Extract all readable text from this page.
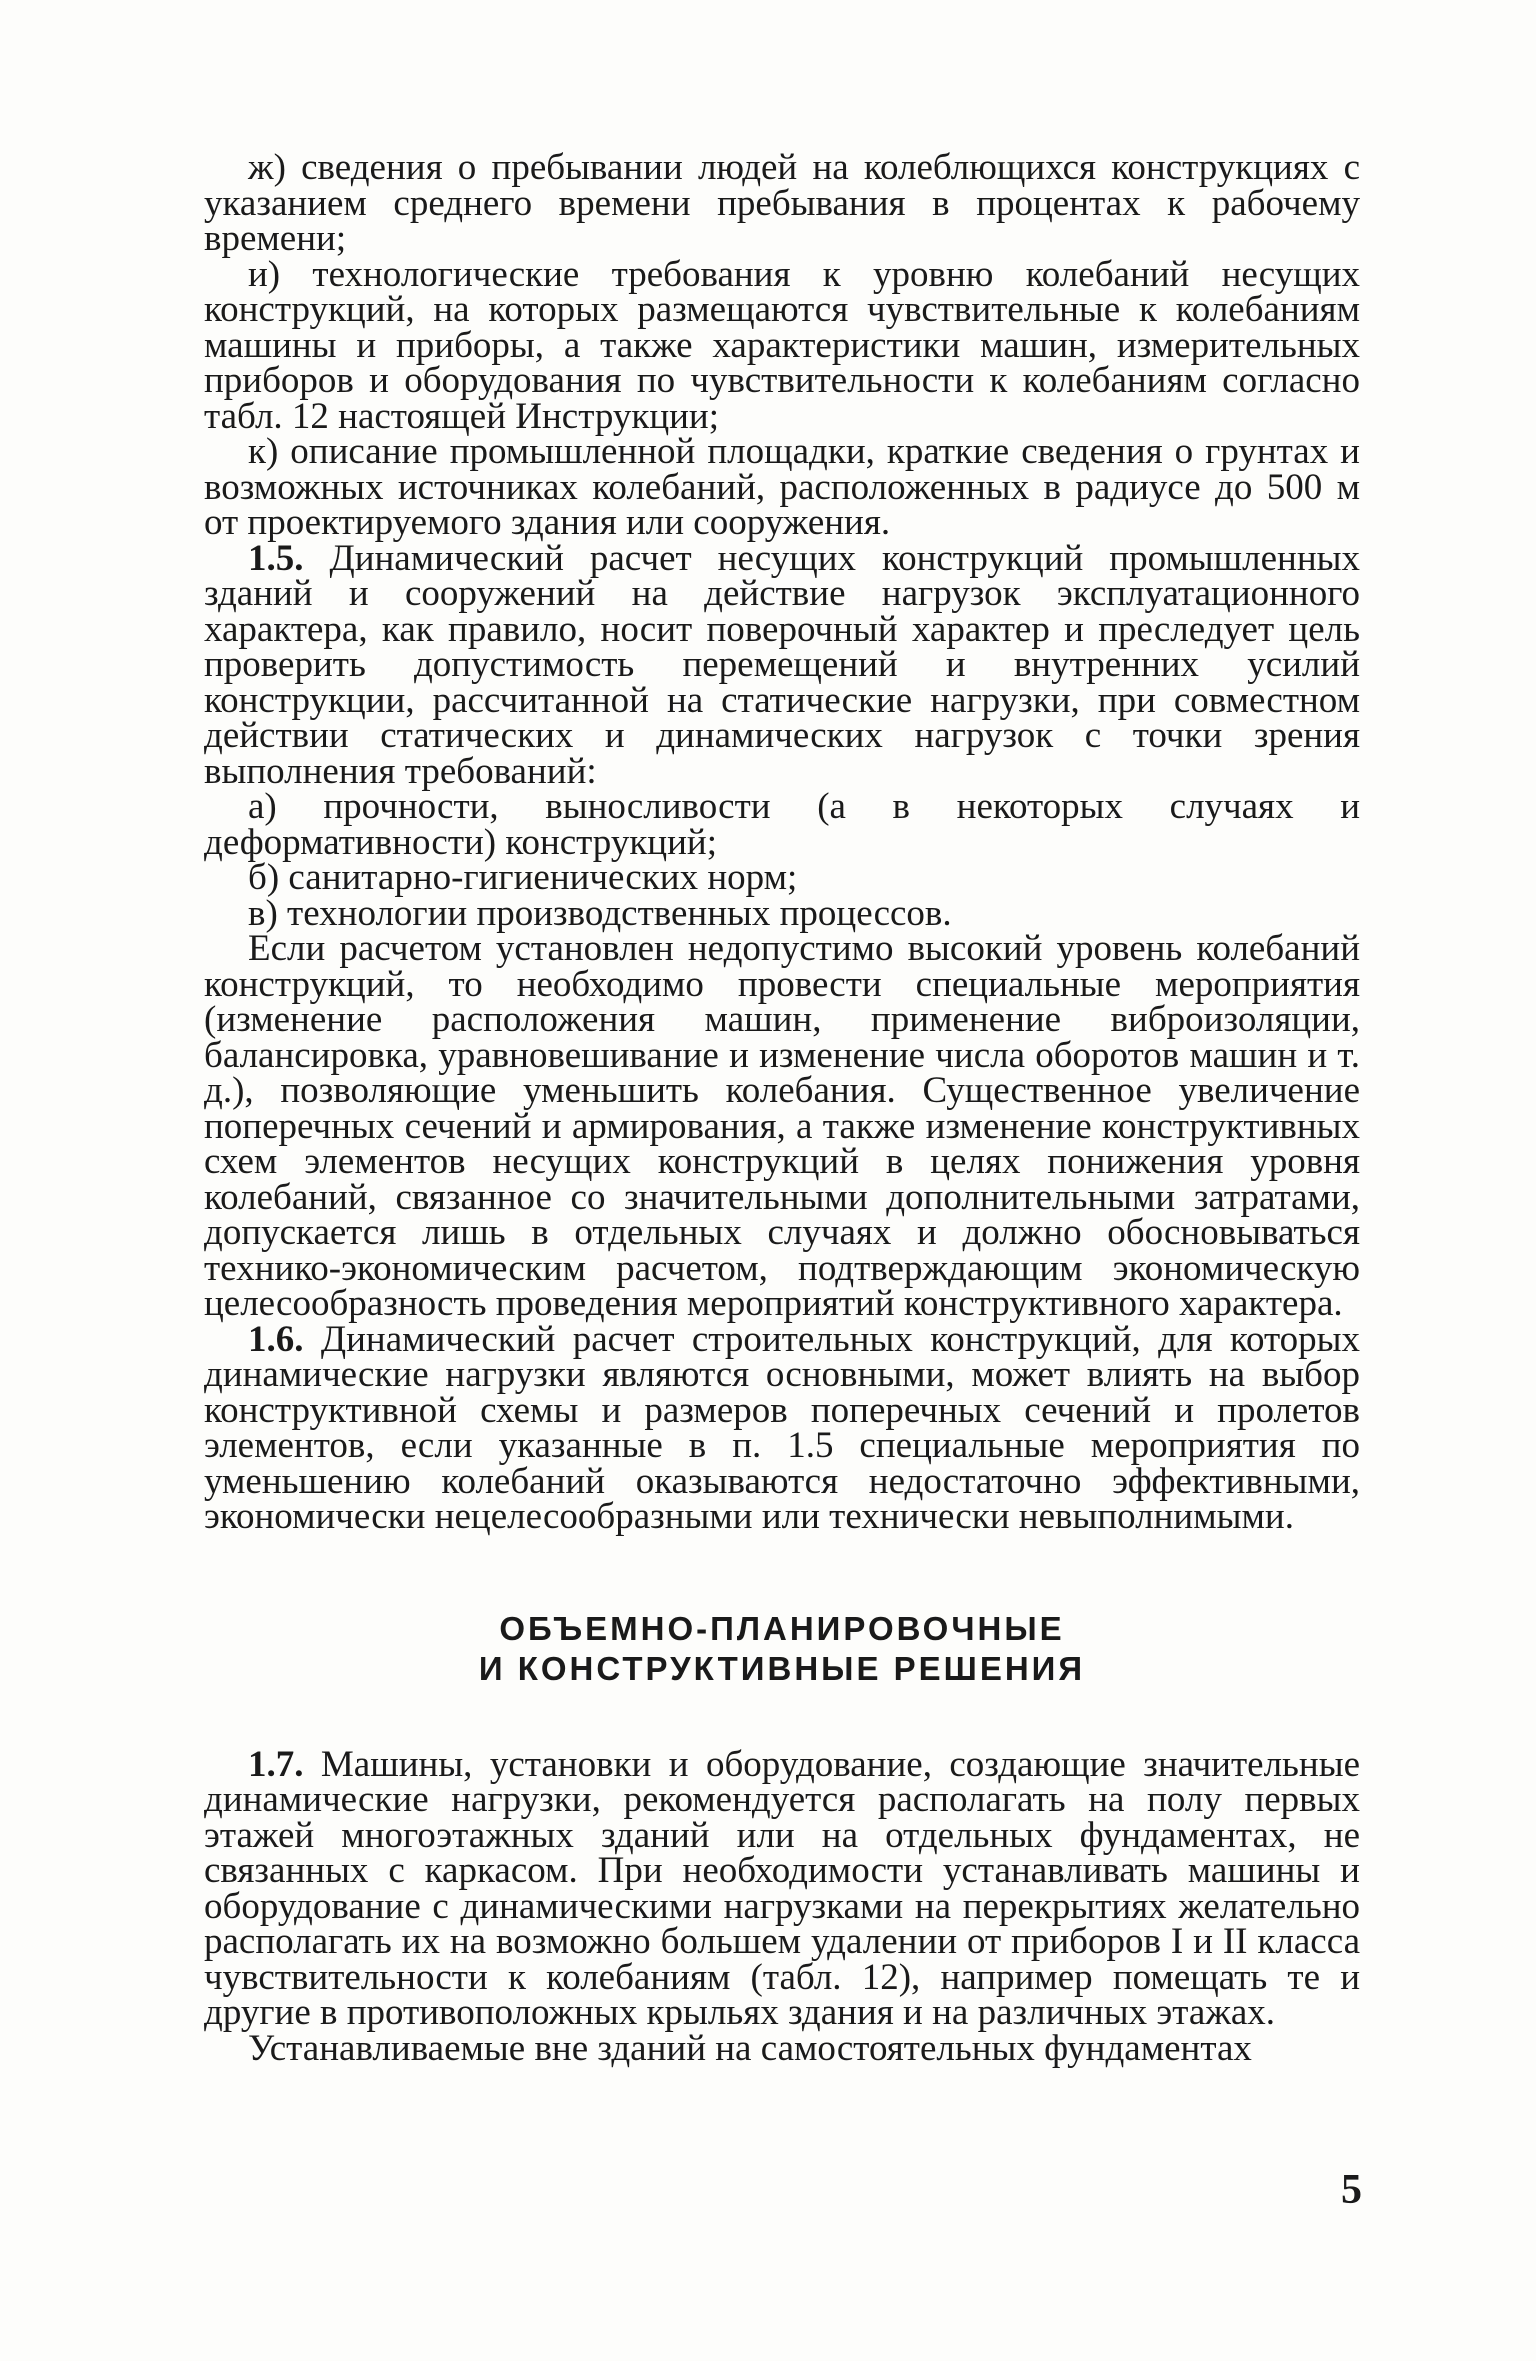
ж) сведения о пребывании людей на колеблющихся конструкциях с указанием среднего времени пребывания в процентах к рабочему времени;

и) технологические требования к уровню колебаний несущих конструкций, на которых размещаются чувствительные к колебаниям машины и приборы, а также характеристики машин, измерительных приборов и оборудования по чувствительности к колебаниям согласно табл. 12 настоящей Инструкции;

к) описание промышленной площадки, краткие сведения о грунтах и возможных источниках колебаний, расположенных в радиусе до 500 м от проектируемого здания или сооружения.

1.5. Динамический расчет несущих конструкций промышленных зданий и сооружений на действие нагрузок эксплуатационного характера, как правило, носит поверочный характер и преследует цель проверить допустимость перемещений и внутренних усилий конструкции, рассчитанной на статические нагрузки, при совместном действии статических и динамических нагрузок с точки зрения выполнения требований:

а) прочности, выносливости (а в некоторых случаях и деформативности) конструкций;

б) санитарно-гигиенических норм;

в) технологии производственных процессов.

Если расчетом установлен недопустимо высокий уровень колебаний конструкций, то необходимо провести специальные мероприятия (изменение расположения машин, применение виброизоляции, балансировка, уравновешивание и изменение числа оборотов машин и т. д.), позволяющие уменьшить колебания. Существенное увеличение поперечных сечений и армирования, а также изменение конструктивных схем элементов несущих конструкций в целях понижения уровня колебаний, связанное со значительными дополнительными затратами, допускается лишь в отдельных случаях и должно обосновываться технико-экономическим расчетом, подтверждающим экономическую целесообразность проведения мероприятий конструктивного характера.

1.6. Динамический расчет строительных конструкций, для которых динамические нагрузки являются основными, может влиять на выбор конструктивной схемы и размеров поперечных сечений и пролетов элементов, если указанные в п. 1.5 специальные мероприятия по уменьшению колебаний оказываются недостаточно эффективными, экономически нецелесообразными или технически невыполнимыми.

ОБЪЕМНО-ПЛАНИРОВОЧНЫЕ
И КОНСТРУКТИВНЫЕ РЕШЕНИЯ

1.7. Машины, установки и оборудование, создающие значительные динамические нагрузки, рекомендуется располагать на полу первых этажей многоэтажных зданий или на отдельных фундаментах, не связанных с каркасом. При необходимости устанавливать машины и оборудование с динамическими нагрузками на перекрытиях желательно располагать их на возможно большем удалении от приборов I и II класса чувствительности к колебаниям (табл. 12), например помещать те и другие в противоположных крыльях здания и на различных этажах.

Устанавливаемые вне зданий на самостоятельных фундаментах

5
